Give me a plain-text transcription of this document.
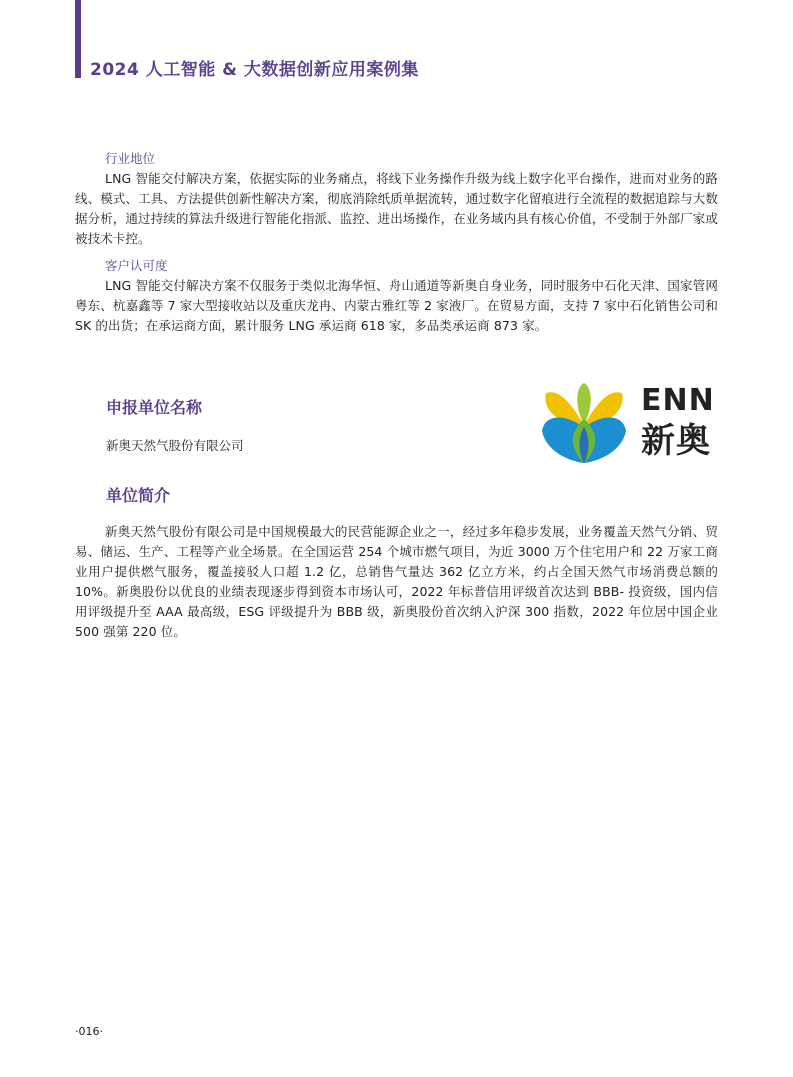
2024 人工智能 & 大数据创新应用案例集
行业地位

LNG 智能交付解决方案，依据实际的业务痛点，将线下业务操作升级为线上数字化平台操作，进而对业务的路线、模式、工具、方法提供创新性解决方案，彻底消除纸质单据流转，通过数字化留痕进行全流程的数据追踪与大数据分析，通过持续的算法升级进行智能化指派、监控、进出场操作，在业务域内具有核心价值，不受制于外部厂家或被技术卡控。

客户认可度

LNG 智能交付解决方案不仅服务于类似北海华恒、舟山通道等新奥自身业务，同时服务中石化天津、国家管网粤东、杭嘉鑫等 7 家大型接收站以及重庆龙冉、内蒙古雅红等 2 家液厂。在贸易方面，支持 7 家中石化销售公司和 SK 的出货；在承运商方面，累计服务 LNG 承运商 618 家，多品类承运商 873 家。

申报单位名称
新奥天然气股份有限公司
ENN
新奥
单位简介

新奥天然气股份有限公司是中国规模最大的民营能源企业之一，经过多年稳步发展，业务覆盖天然气分销、贸易、储运、生产、工程等产业全场景。在全国运营 254 个城市燃气项目，为近 3000 万个住宅用户和 22 万家工商业用户提供燃气服务，覆盖接驳人口超 1.2 亿，总销售气量达 362 亿立方米，约占全国天然气市场消费总额的 10%。新奥股份以优良的业绩表现逐步得到资本市场认可，2022 年标普信用评级首次达到 BBB- 投资级，国内信用评级提升至 AAA 最高级，ESG 评级提升为 BBB 级，新奥股份首次纳入沪深 300 指数，2022 年位居中国企业 500 强第 220 位。

·016·
